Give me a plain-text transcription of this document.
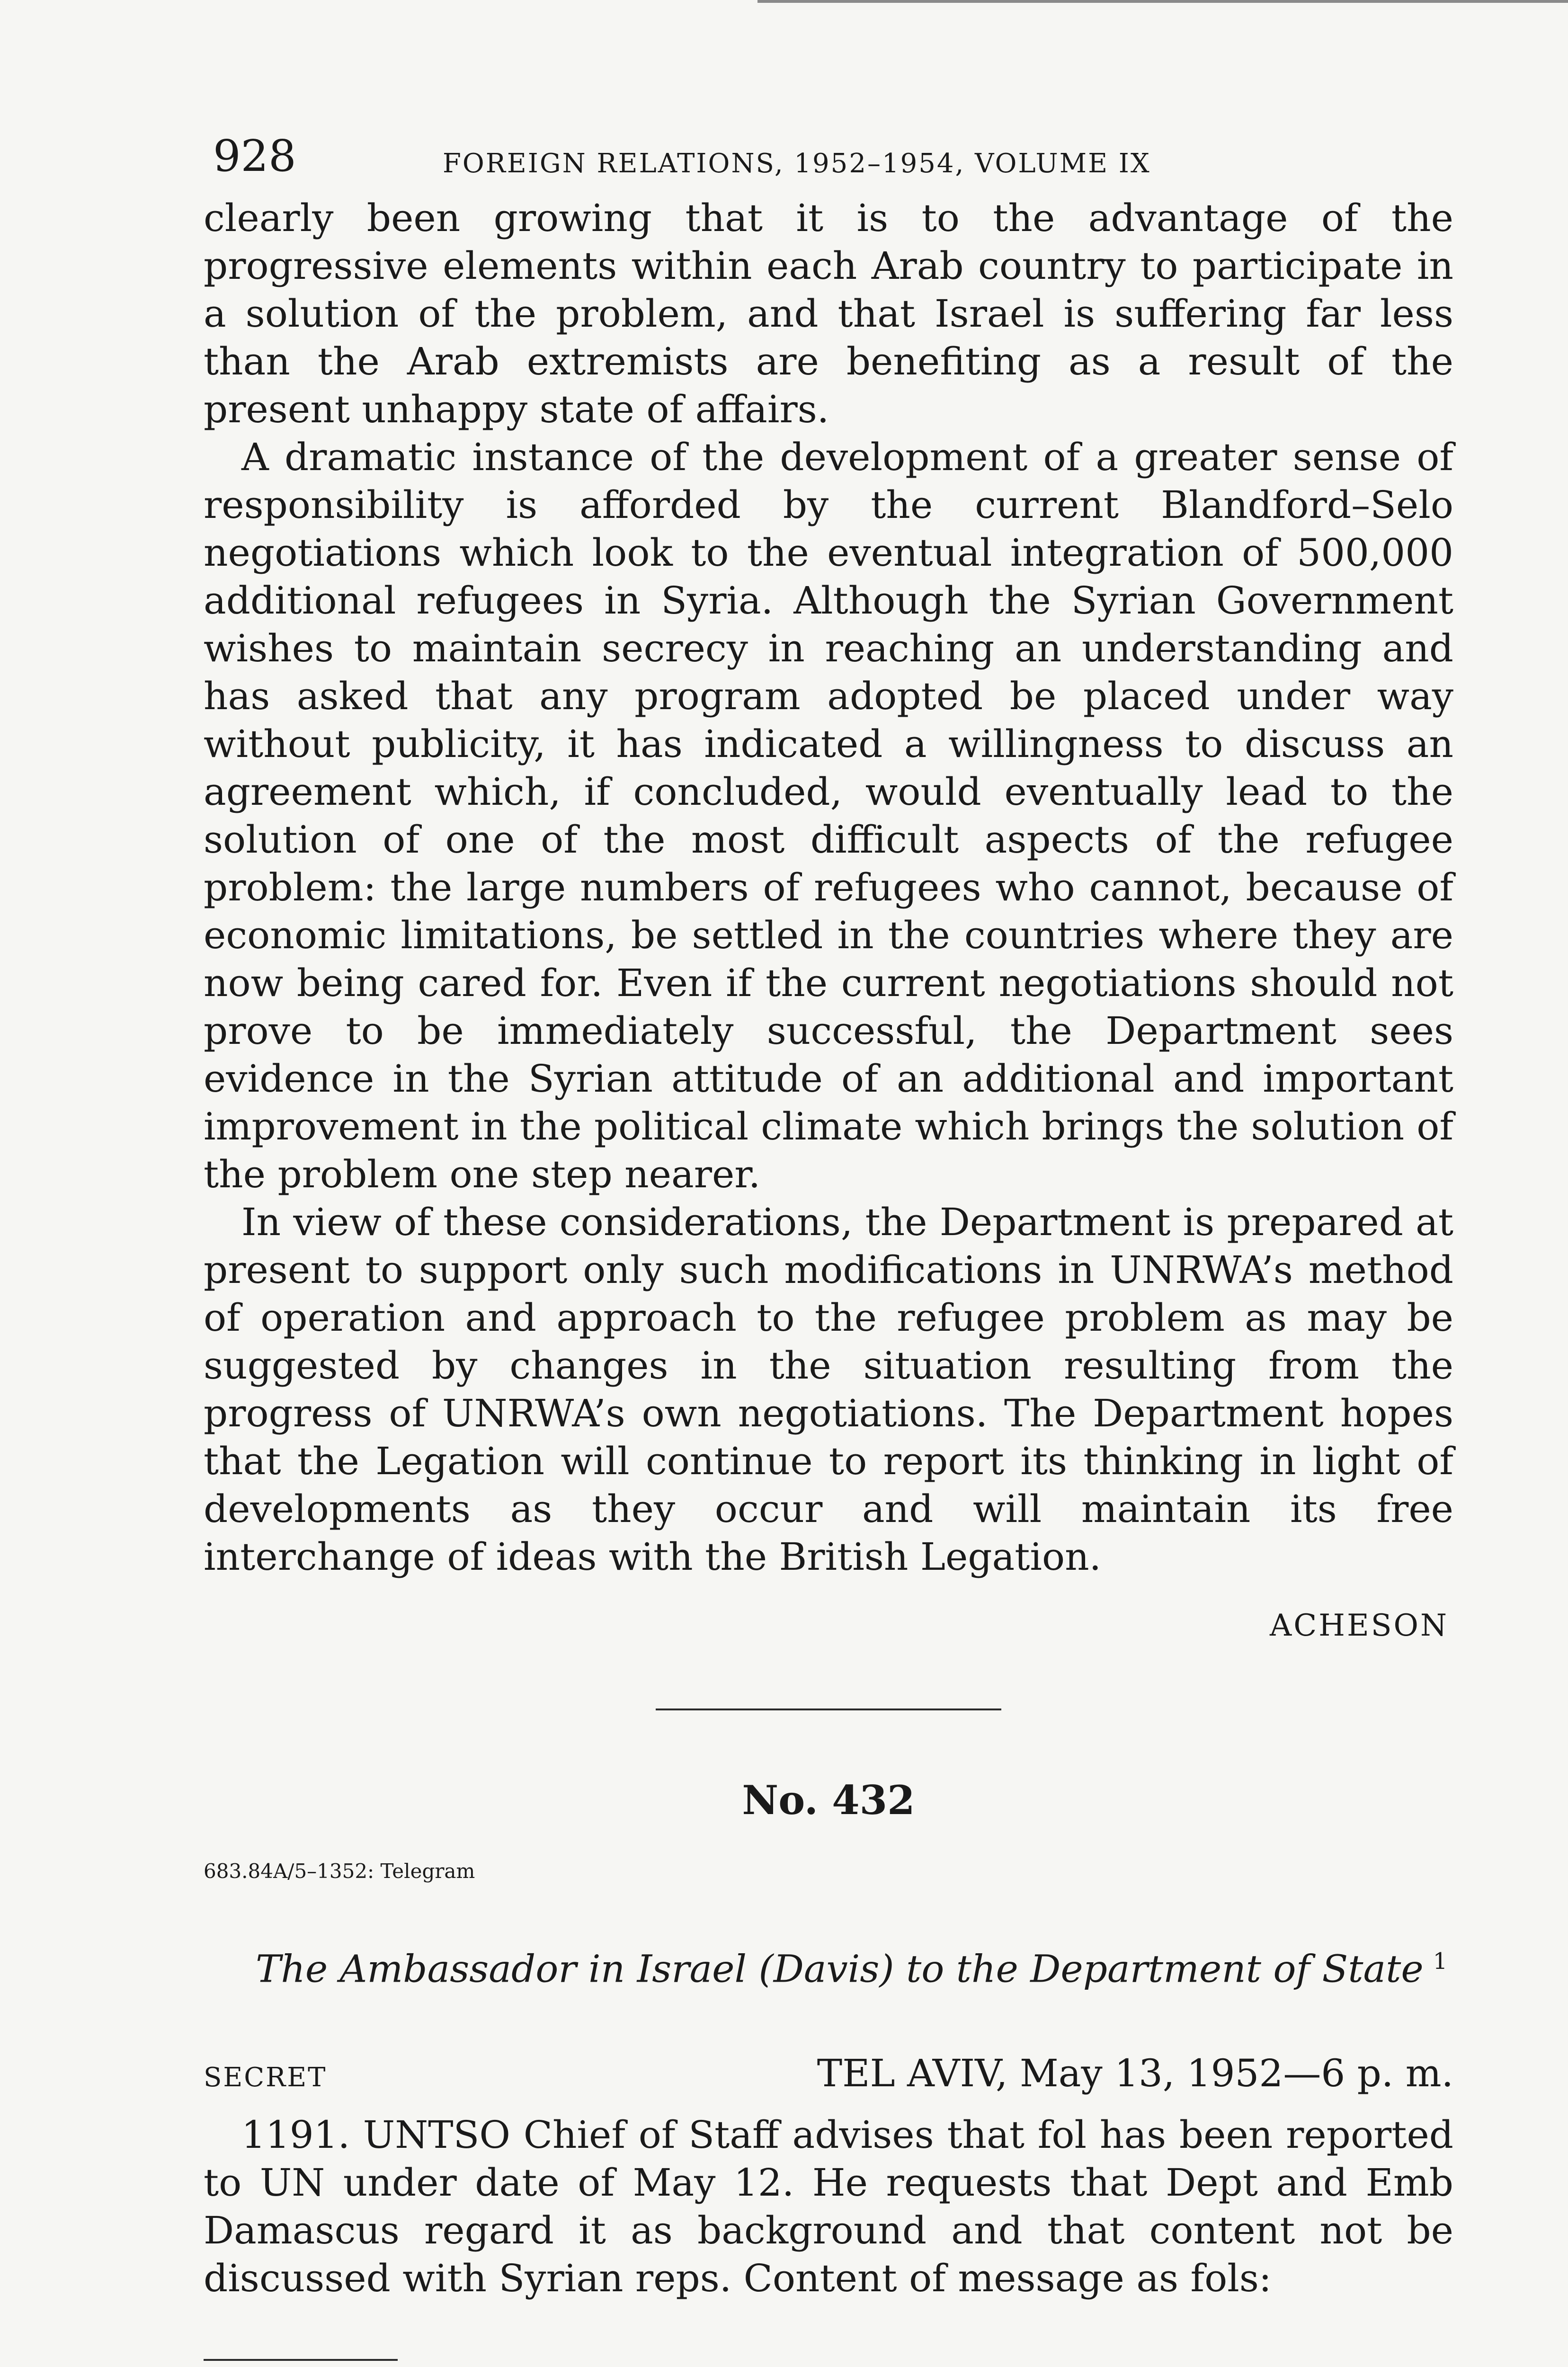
928	FOREIGN RELATIONS, 1952–1954, VOLUME IX

clearly been growing that it is to the advantage of the progressive elements within each Arab country to participate in a solution of the problem, and that Israel is suffering far less than the Arab extremists are benefiting as a result of the present unhappy state of affairs.

A dramatic instance of the development of a greater sense of responsibility is afforded by the current Blandford–Selo negotiations which look to the eventual integration of 500,000 additional refugees in Syria. Although the Syrian Government wishes to maintain secrecy in reaching an understanding and has asked that any program adopted be placed under way without publicity, it has indicated a willingness to discuss an agreement which, if concluded, would eventually lead to the solution of one of the most difficult aspects of the refugee problem: the large numbers of refugees who cannot, because of economic limitations, be settled in the countries where they are now being cared for. Even if the current negotiations should not prove to be immediately successful, the Department sees evidence in the Syrian attitude of an additional and important improvement in the political climate which brings the solution of the problem one step nearer.

In view of these considerations, the Department is prepared at present to support only such modifications in UNRWA’s method of operation and approach to the refugee problem as may be suggested by changes in the situation resulting from the progress of UNRWA’s own negotiations. The Department hopes that the Legation will continue to report its thinking in light of developments as they occur and will maintain its free interchange of ideas with the British Legation.

ACHESON
No. 432
683.84A/5–1352: Telegram
The Ambassador in Israel (Davis) to the Department of State $^1$
SECRET	TEL AVIV, May 13, 1952—6 p. m.

1191. UNTSO Chief of Staff advises that fol has been reported to UN under date of May 12. He requests that Dept and Emb Damascus regard it as background and that content not be discussed with Syrian reps. Content of message as fols:
